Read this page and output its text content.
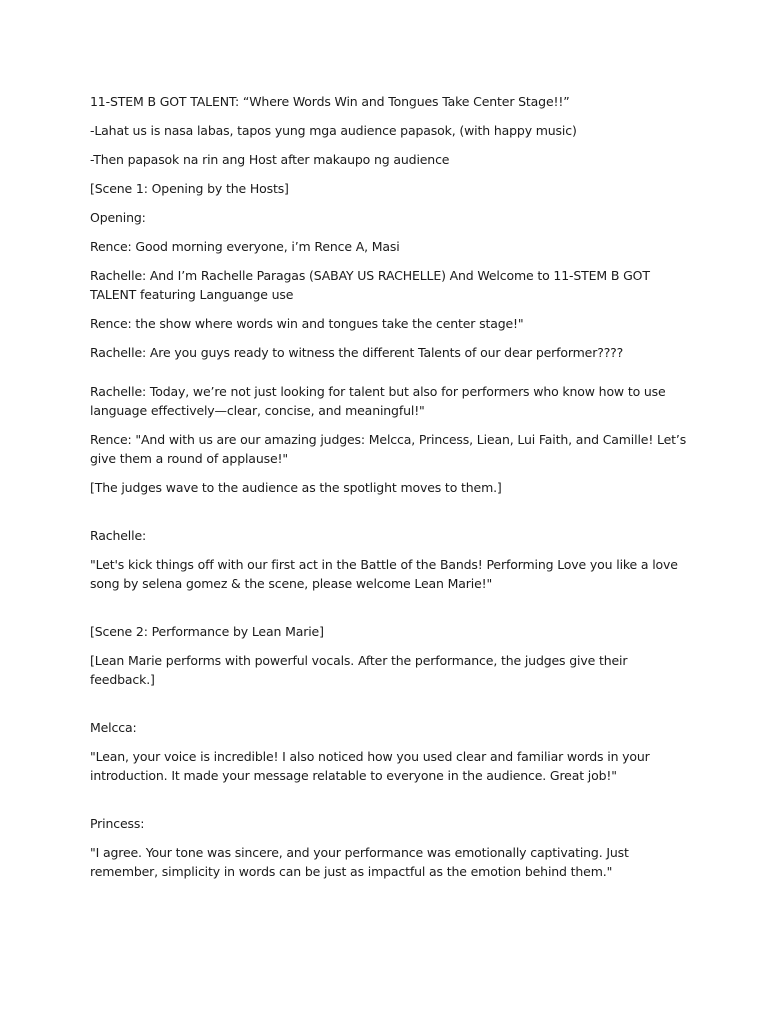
11-STEM B GOT TALENT: “Where Words Win and Tongues Take Center Stage!!”

-Lahat us is nasa labas, tapos yung mga audience papasok, (with happy music)

-Then papasok na rin ang Host after makaupo ng audience

[Scene 1: Opening by the Hosts]

Opening:

Rence: Good morning everyone, i’m Rence A, Masi

Rachelle: And I’m Rachelle Paragas (SABAY US RACHELLE) And Welcome to 11-STEM B GOT TALENT featuring Languange use

Rence: the show where words win and tongues take the center stage!"

Rachelle: Are you guys ready to witness the different Talents of our dear performer????

Rachelle: Today, we’re not just looking for talent but also for performers who know how to use language effectively—clear, concise, and meaningful!"

Rence: "And with us are our amazing judges: Melcca, Princess, Liean, Lui Faith, and Camille! Let’s give them a round of applause!"

[The judges wave to the audience as the spotlight moves to them.]

Rachelle:

"Let's kick things off with our first act in the Battle of the Bands! Performing Love you like a love song by selena gomez & the scene, please welcome Lean Marie!"

[Scene 2: Performance by Lean Marie]

[Lean Marie performs with powerful vocals. After the performance, the judges give their feedback.]

Melcca:

"Lean, your voice is incredible! I also noticed how you used clear and familiar words in your introduction. It made your message relatable to everyone in the audience. Great job!"

Princess:

"I agree. Your tone was sincere, and your performance was emotionally captivating. Just remember, simplicity in words can be just as impactful as the emotion behind them."
